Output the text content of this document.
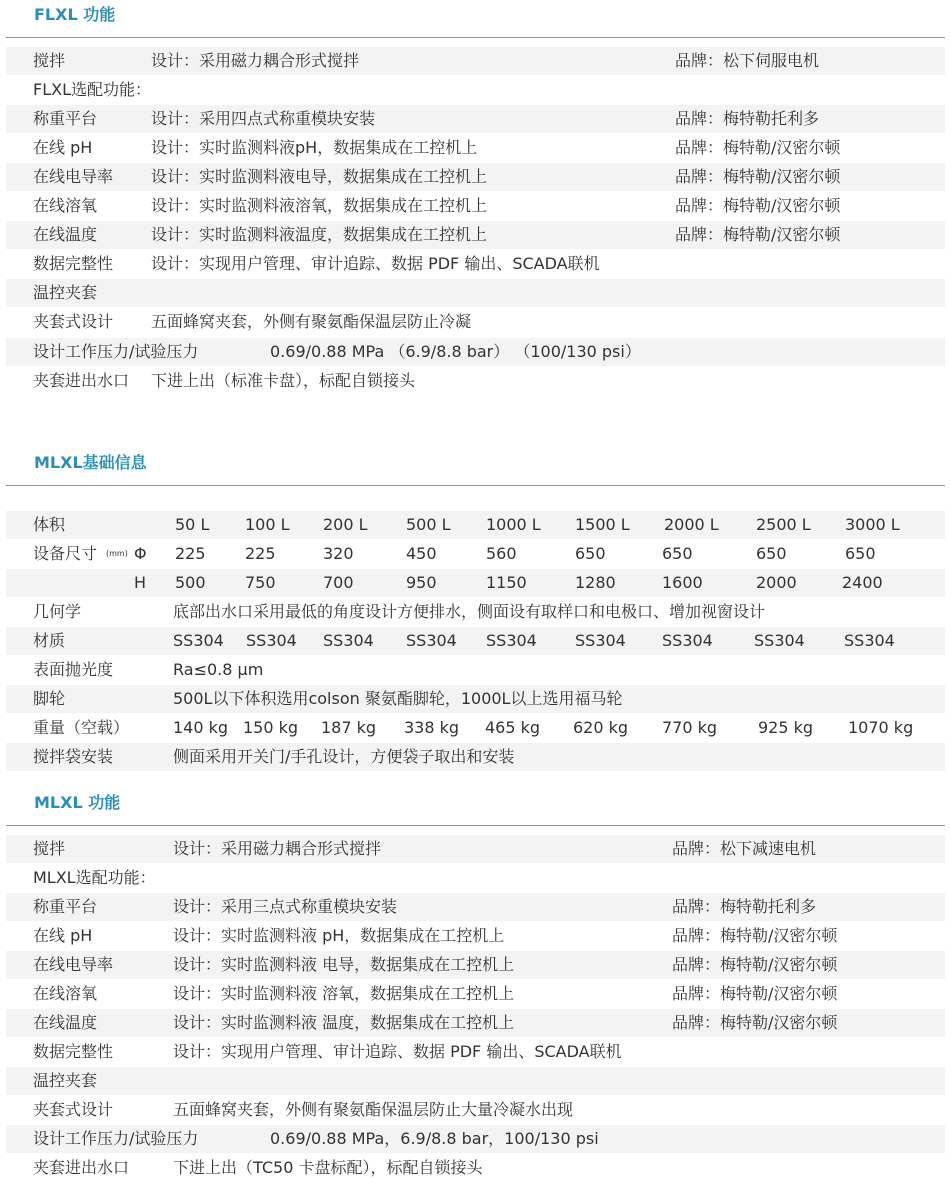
FLXL 功能
搅拌	设计：采用磁力耦合形式搅拌	品牌：松下伺服电机
FLXL选配功能：
称重平台	设计：采用四点式称重模块安装	品牌：梅特勒托利多
在线 pH	设计：实时监测料液pH，数据集成在工控机上	品牌：梅特勒/汉密尔顿
在线电导率 设计：实时监测料液电导，数据集成在工控机上	品牌：梅特勒/汉密尔顿
在线溶氧	设计：实时监测料液溶氧，数据集成在工控机上	品牌：梅特勒/汉密尔顿
在线温度	设计：实时监测料液温度，数据集成在工控机上	品牌：梅特勒/汉密尔顿
数据完整性 设计：实现用户管理、审计追踪、数据 PDF 输出、SCADA联机
温控夹套
夹套式设计 五面蜂窝夹套，外侧有聚氨酯保温层防止冷凝
设计工作压力/试验压力	0.69/0.88 MPa （6.9/8.8 bar） （100/130 psi）
夹套进出水口 下进上出（标准卡盘），标配自锁接头
MLXL基础信息
体积	50 L 100 L 200 L 500 L 1000 L 1500 L 2000 L 2500 L 3000 L
设备尺寸 (mm) Φ 225 225	320	450	560	650	650	650	650
H 500 750	700	950	1150	1280	1600	2000	2400
几何学	底部出水口采用最低的角度设计方便排水，侧面设有取样口和电极口、增加视窗设计
材质	SS304 SS304 SS304 SS304 SS304 SS304 SS304	SS304 SS304
表面抛光度	Ra≤0.8 µm
脚轮	500L以下体积选用colson 聚氨酯脚轮，1000L以上选用福马轮
重量（空载）	140 kg 150 kg 187 kg 338 kg 465 kg 620 kg 770 kg	925 kg 1070 kg
搅拌袋安装	侧面采用开关门/手孔设计，方便袋子取出和安装
MLXL 功能
搅拌	设计：采用磁力耦合形式搅拌	品牌：松下减速电机
MLXL选配功能：
称重平台	设计：采用三点式称重模块安装	品牌：梅特勒托利多
在线 pH	设计：实时监测料液 pH，数据集成在工控机上	品牌：梅特勒/汉密尔顿
在线电导率	设计：实时监测料液 电导，数据集成在工控机上	品牌：梅特勒/汉密尔顿
在线溶氧	设计：实时监测料液 溶氧，数据集成在工控机上	品牌：梅特勒/汉密尔顿
在线温度	设计：实时监测料液 温度，数据集成在工控机上	品牌：梅特勒/汉密尔顿
数据完整性	设计：实现用户管理、审计追踪、数据 PDF 输出、SCADA联机
温控夹套
夹套式设计	五面蜂窝夹套，外侧有聚氨酯保温层防止大量冷凝水出现
设计工作压力/试验压力	0.69/0.88 MPa，6.9/8.8 bar，100/130 psi
夹套进出水口	下进上出（TC50 卡盘标配），标配自锁接头
